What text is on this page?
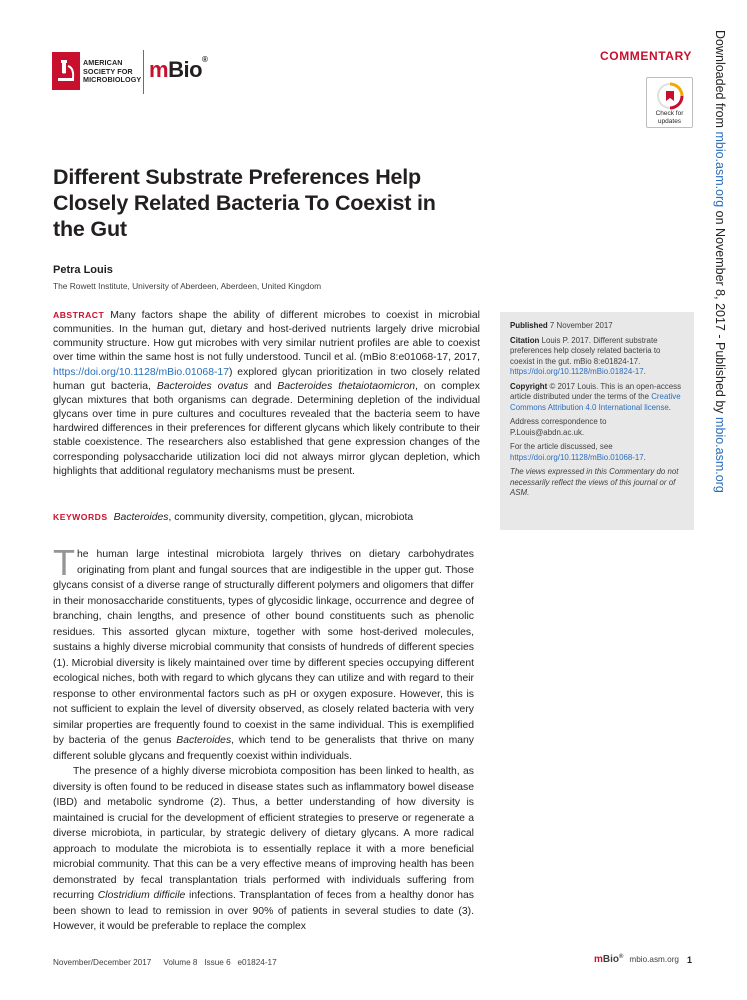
AMERICAN
SOCIETY FOR
MICROBIOLOGY mBio®	COMMENTARY
Check for
updates	Downloaded from mbio.asm.org on November 8, 2017 - Published by mbio.asm.org
Different Substrate Preferences Help Closely Related Bacteria To Coexist in the Gut
Petra Louis
The Rowett Institute, University of Aberdeen, Aberdeen, United Kingdom
ABSTRACT Many factors shape the ability of different microbes to coexist in microbial communities. In the human gut, dietary and host-derived nutrients largely drive microbial community structure. How gut microbes with very similar nutrient profiles are able to coexist over time within the same host is not fully understood. Tuncil et al. (mBio 8:e01068-17, 2017, https://doi.org/10.1128/mBio.01068-17) explored glycan prioritization in two closely related human gut bacteria, Bacteroides ovatus and Bacteroides thetaiotaomicron, on complex glycan mixtures that both organisms can degrade. Determining depletion of the individual glycans over time in pure cultures and cocultures revealed that the bacteria seem to have hardwired differences in their preferences for different glycans which likely contribute to their stable coexistence. The researchers also established that gene expression changes of the corresponding polysaccharide utilization loci did not always mirror glycan depletion, which highlights that additional regulatory mechanisms must be present.
KEYWORDS Bacteroides, community diversity, competition, glycan, microbiota

Published 7 November 2017

Citation Louis P. 2017. Different substrate preferences help closely related bacteria to coexist in the gut. mBio 8:e01824-17. https://doi.org/10.1128/mBio.01824-17.

Copyright © 2017 Louis. This is an open-access article distributed under the terms of the Creative Commons Attribution 4.0 International license.

Address correspondence to
P.Louis@abdn.ac.uk.

For the article discussed, see https://doi.org/10.1128/mBio.01068-17.

The views expressed in this Commentary do not necessarily reflect the views of this journal or of ASM.

The human large intestinal microbiota largely thrives on dietary carbohydrates originating from plant and fungal sources that are indigestible in the upper gut. Those glycans consist of a diverse range of structurally different polymers and oligomers that differ in their monosaccharide constituents, types of glycosidic linkage, occurrence and degree of branching, chain lengths, and presence of other bound constituents such as phenolic residues. This assorted glycan mixture, together with some host-derived molecules, sustains a highly diverse microbial community that consists of hundreds of different species (1). Microbial diversity is likely maintained over time by different species occupying different ecological niches, both with regard to which glycans they can utilize and with regard to their response to other environmental factors such as pH or oxygen exposure. However, this is not sufficient to explain the level of diversity observed, as closely related bacteria with very similar properties are frequently found to coexist in the same individual. This is exemplified by bacteria of the genus Bacteroides, which tend to be generalists that thrive on many different soluble glycans and frequently coexist within individuals.

The presence of a highly diverse microbiota composition has been linked to health, as diversity is often found to be reduced in disease states such as inflammatory bowel disease (IBD) and metabolic syndrome (2). Thus, a better understanding of how diversity is maintained is crucial for the development of efficient strategies to preserve or regenerate a diverse microbiota, in particular, by strategic delivery of dietary glycans. A more radical approach to modulate the microbiota is to essentially replace it with a more beneficial microbial community. That this can be a very effective means of improving health has been demonstrated by fecal transplantation trials performed with individuals suffering from recurring Clostridium difficile infections. Transplantation of feces from a healthy donor has been shown to lead to remission in over 90% of patients in several studies to date (3). However, it would be preferable to replace the complex

November/December 2017 Volume 8   Issue 6   e01824-17	mBio® mbio.asm.org 1
